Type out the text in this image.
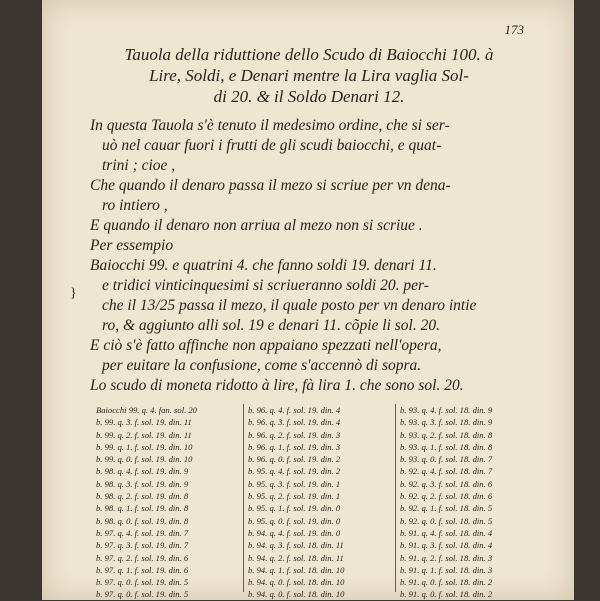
173
Tauola della riduttione dello Scudo di Baiocchi 100. à
Lire, Soldi, e Denari mentre la Lira vaglia Sol-
di 20. & il Soldo Denari 12.
In questa Tauola s'è tenuto il medesimo ordine, che si ser-
uò nel cauar fuori i frutti de gli scudi baiocchi, e quat-
trini ; cioe ,
Che quando il denaro passa il mezo si scriue per vn dena-
ro intiero ,
E quando il denaro non arriua al mezo non si scriue .
Per essempio
Baiocchi 99. e quatrini 4. che fanno soldi 19. denari 11.
e tridici vinticinquesimi si scriueranno soldi 20. per-
che il 13/25 passa il mezo, il quale posto per vn denaro intie
ro, & aggiunto alli sol. 19 e denari 11. cõpie li sol. 20.
E ciò s'è fatto affinche non appaiano spezzati nell'opera,
per euitare la confusione, come s'accennò di sopra.
Lo scudo di moneta ridotto à lire, fà lira 1. che sono sol. 20.
}
Baiocchi 99. q. 4. fan. sol. 20
b. 99. q. 3. f. sol. 19. din. 11
b. 99. q. 2. f. sol. 19. din. 11
b. 99. q. 1. f. sol. 19. din. 10
b. 99. q. 0. f. sol. 19. din. 10
b. 98. q. 4. f. sol. 19. din. 9
b. 98. q. 3. f. sol. 19. din. 9
b. 98. q. 2. f. sol. 19. din. 8
b. 98. q. 1. f. sol. 19. din. 8
b. 98. q. 0. f. sol. 19. din. 8
b. 97. q. 4. f. sol. 19. din. 7
b. 97. q. 3. f. sol. 19. din. 7
b. 97. q. 2. f. sol. 19. din. 6
b. 97. q. 1. f. sol. 19. din. 6
b. 97. q. 0. f. sol. 19. din. 5
b. 97. q. 0. f. sol. 19. din. 5
b. 96. q. 4. f. sol. 19. din. 4
b. 96. q. 3. f. sol. 19. din. 4
b. 96. q. 2. f. sol. 19. din. 3
b. 96. q. 1. f. sol. 19. din. 3
b. 96. q. 0. f. sol. 19. din. 2
b. 95. q. 4. f. sol. 19. din. 2
b. 95. q. 3. f. sol. 19. din. 1
b. 95. q. 2. f. sol. 19. din. 1
b. 95. q. 1. f. sol. 19. din. 0
b. 95. q. 0. f. sol. 19. din. 0
b. 94. q. 4. f. sol. 19. din. 0
b. 94. q. 3. f. sol. 18. din. 11
b. 94. q. 2. f. sol. 18. din. 11
b. 94. q. 1. f. sol. 18. din. 10
b. 94. q. 0. f. sol. 18. din. 10
b. 94. q. 0. f. sol. 18. din. 10
b. 93. q. 4. f. sol. 18. din. 9
b. 93. q. 3. f. sol. 18. din. 9
b. 93. q. 2. f. sol. 18. din. 8
b. 93. q. 1. f. sol. 18. din. 8
b. 93. q. 0. f. sol. 18. din. 7
b. 92. q. 4. f. sol. 18. din. 7
b. 92. q. 3. f. sol. 18. din. 6
b. 92. q. 2. f. sol. 18. din. 6
b. 92. q. 1. f. sol. 18. din. 5
b. 92. q. 0. f. sol. 18. din. 5
b. 91. q. 4. f. sol. 18. din. 4
b. 91. q. 3. f. sol. 18. din. 4
b. 91. q. 2. f. sol. 18. din. 3
b. 91. q. 1. f. sol. 18. din. 3
b. 91. q. 0. f. sol. 18. din. 2
b. 91. q. 0. f. sol. 18. din. 2
